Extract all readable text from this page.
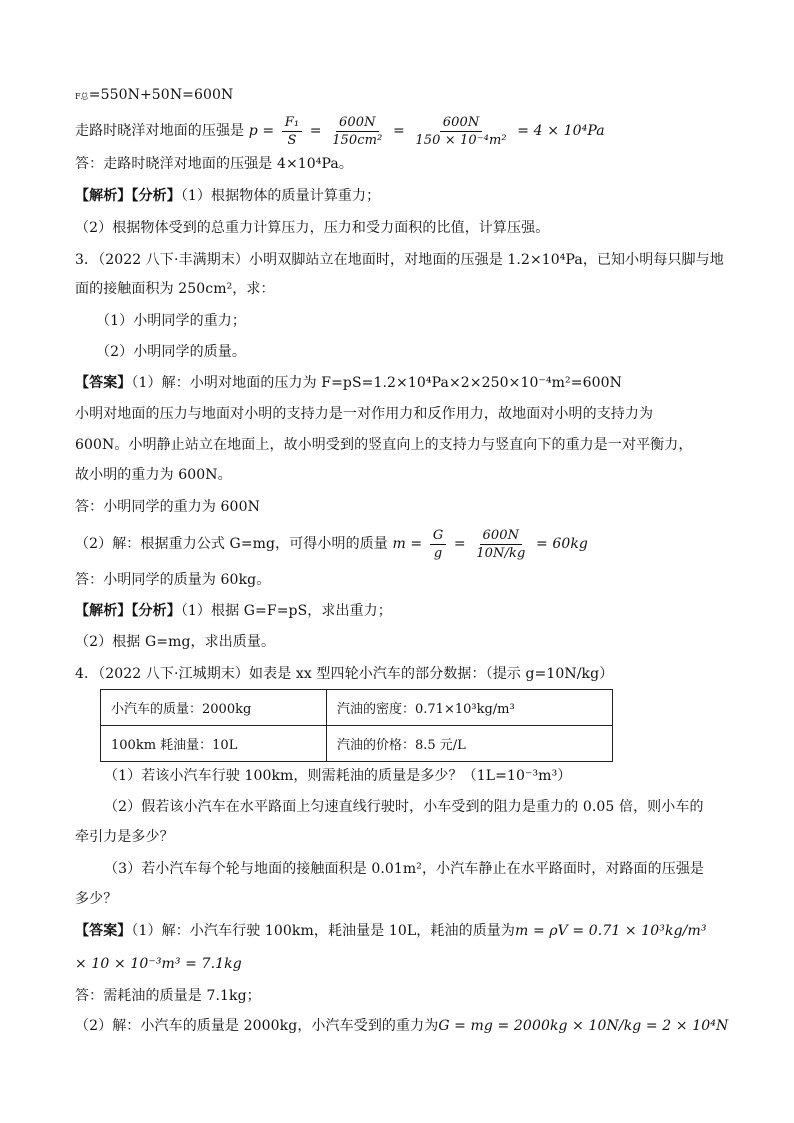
F总=550N+50N=600N
走路时晓洋对地面的压强是 $p = \frac{\text{F₁}}{S} = \frac{600N}{\text{150cm²}} = \frac{600N}{\text{150 × 10⁻⁴m²}} = 4 \times 10^4Pa$
答：走路时晓洋对地面的压强是 4×10⁴Pa。
【解析】【分析】（1）根据物体的质量计算重力；
（2）根据物体受到的总重力计算压力，压力和受力面积的比值，计算压强。
3．（2022 八下·丰满期末）小明双脚站立在地面时，对地面的压强是 1.2×10⁴Pa，已知小明每只脚与地
面的接触面积为 250cm²，求：
（1）小明同学的重力；
（2）小明同学的质量。
【答案】（1）解：小明对地面的压力为 F=pS=1.2×10⁴Pa×2×250×10⁻⁴m²=600N
小明对地面的压力与地面对小明的支持力是一对作用力和反作用力，故地面对小明的支持力为
600N。小明静止站立在地面上，故小明受到的竖直向上的支持力与竖直向下的重力是一对平衡力，
故小明的重力为 600N。
答：小明同学的重力为 600N
（2）解：根据重力公式 G=mg，可得小明的质量 $m = \frac{G}{g} = \frac{600N}{10N/kg} = 60kg$
答：小明同学的质量为 60kg。
【解析】【分析】（1）根据 G=F=pS，求出重力；
（2）根据 G=mg，求出质量。
4．（2022 八下·江城期末）如表是 xx 型四轮小汽车的部分数据：（提示 g=10N/kg）
小汽车的质量：2000kg	汽油的密度：0.71×10³kg/m³
100km 耗油量：10L	汽油的价格：8.5 元/L
（1）若该小汽车行驶 100km，则需耗油的质量是多少？（1L=10⁻³m³）
（2）假若该小汽车在水平路面上匀速直线行驶时，小车受到的阻力是重力的 0.05 倍，则小车的
牵引力是多少？
（3）若小汽车每个轮与地面的接触面积是 0.01m²，小汽车静止在水平路面时，对路面的压强是
多少？
【答案】（1）解：小汽车行驶 100km，耗油量是 10L，耗油的质量为m = ρV = 0.71 × 10³kg/m³
× 10 × 10⁻³m³ = 7.1kg
答：需耗油的质量是 7.1kg；
（2）解：小汽车的质量是 2000kg，小汽车受到的重力为G = mg = 2000kg × 10N/kg = 2 × 10⁴N
